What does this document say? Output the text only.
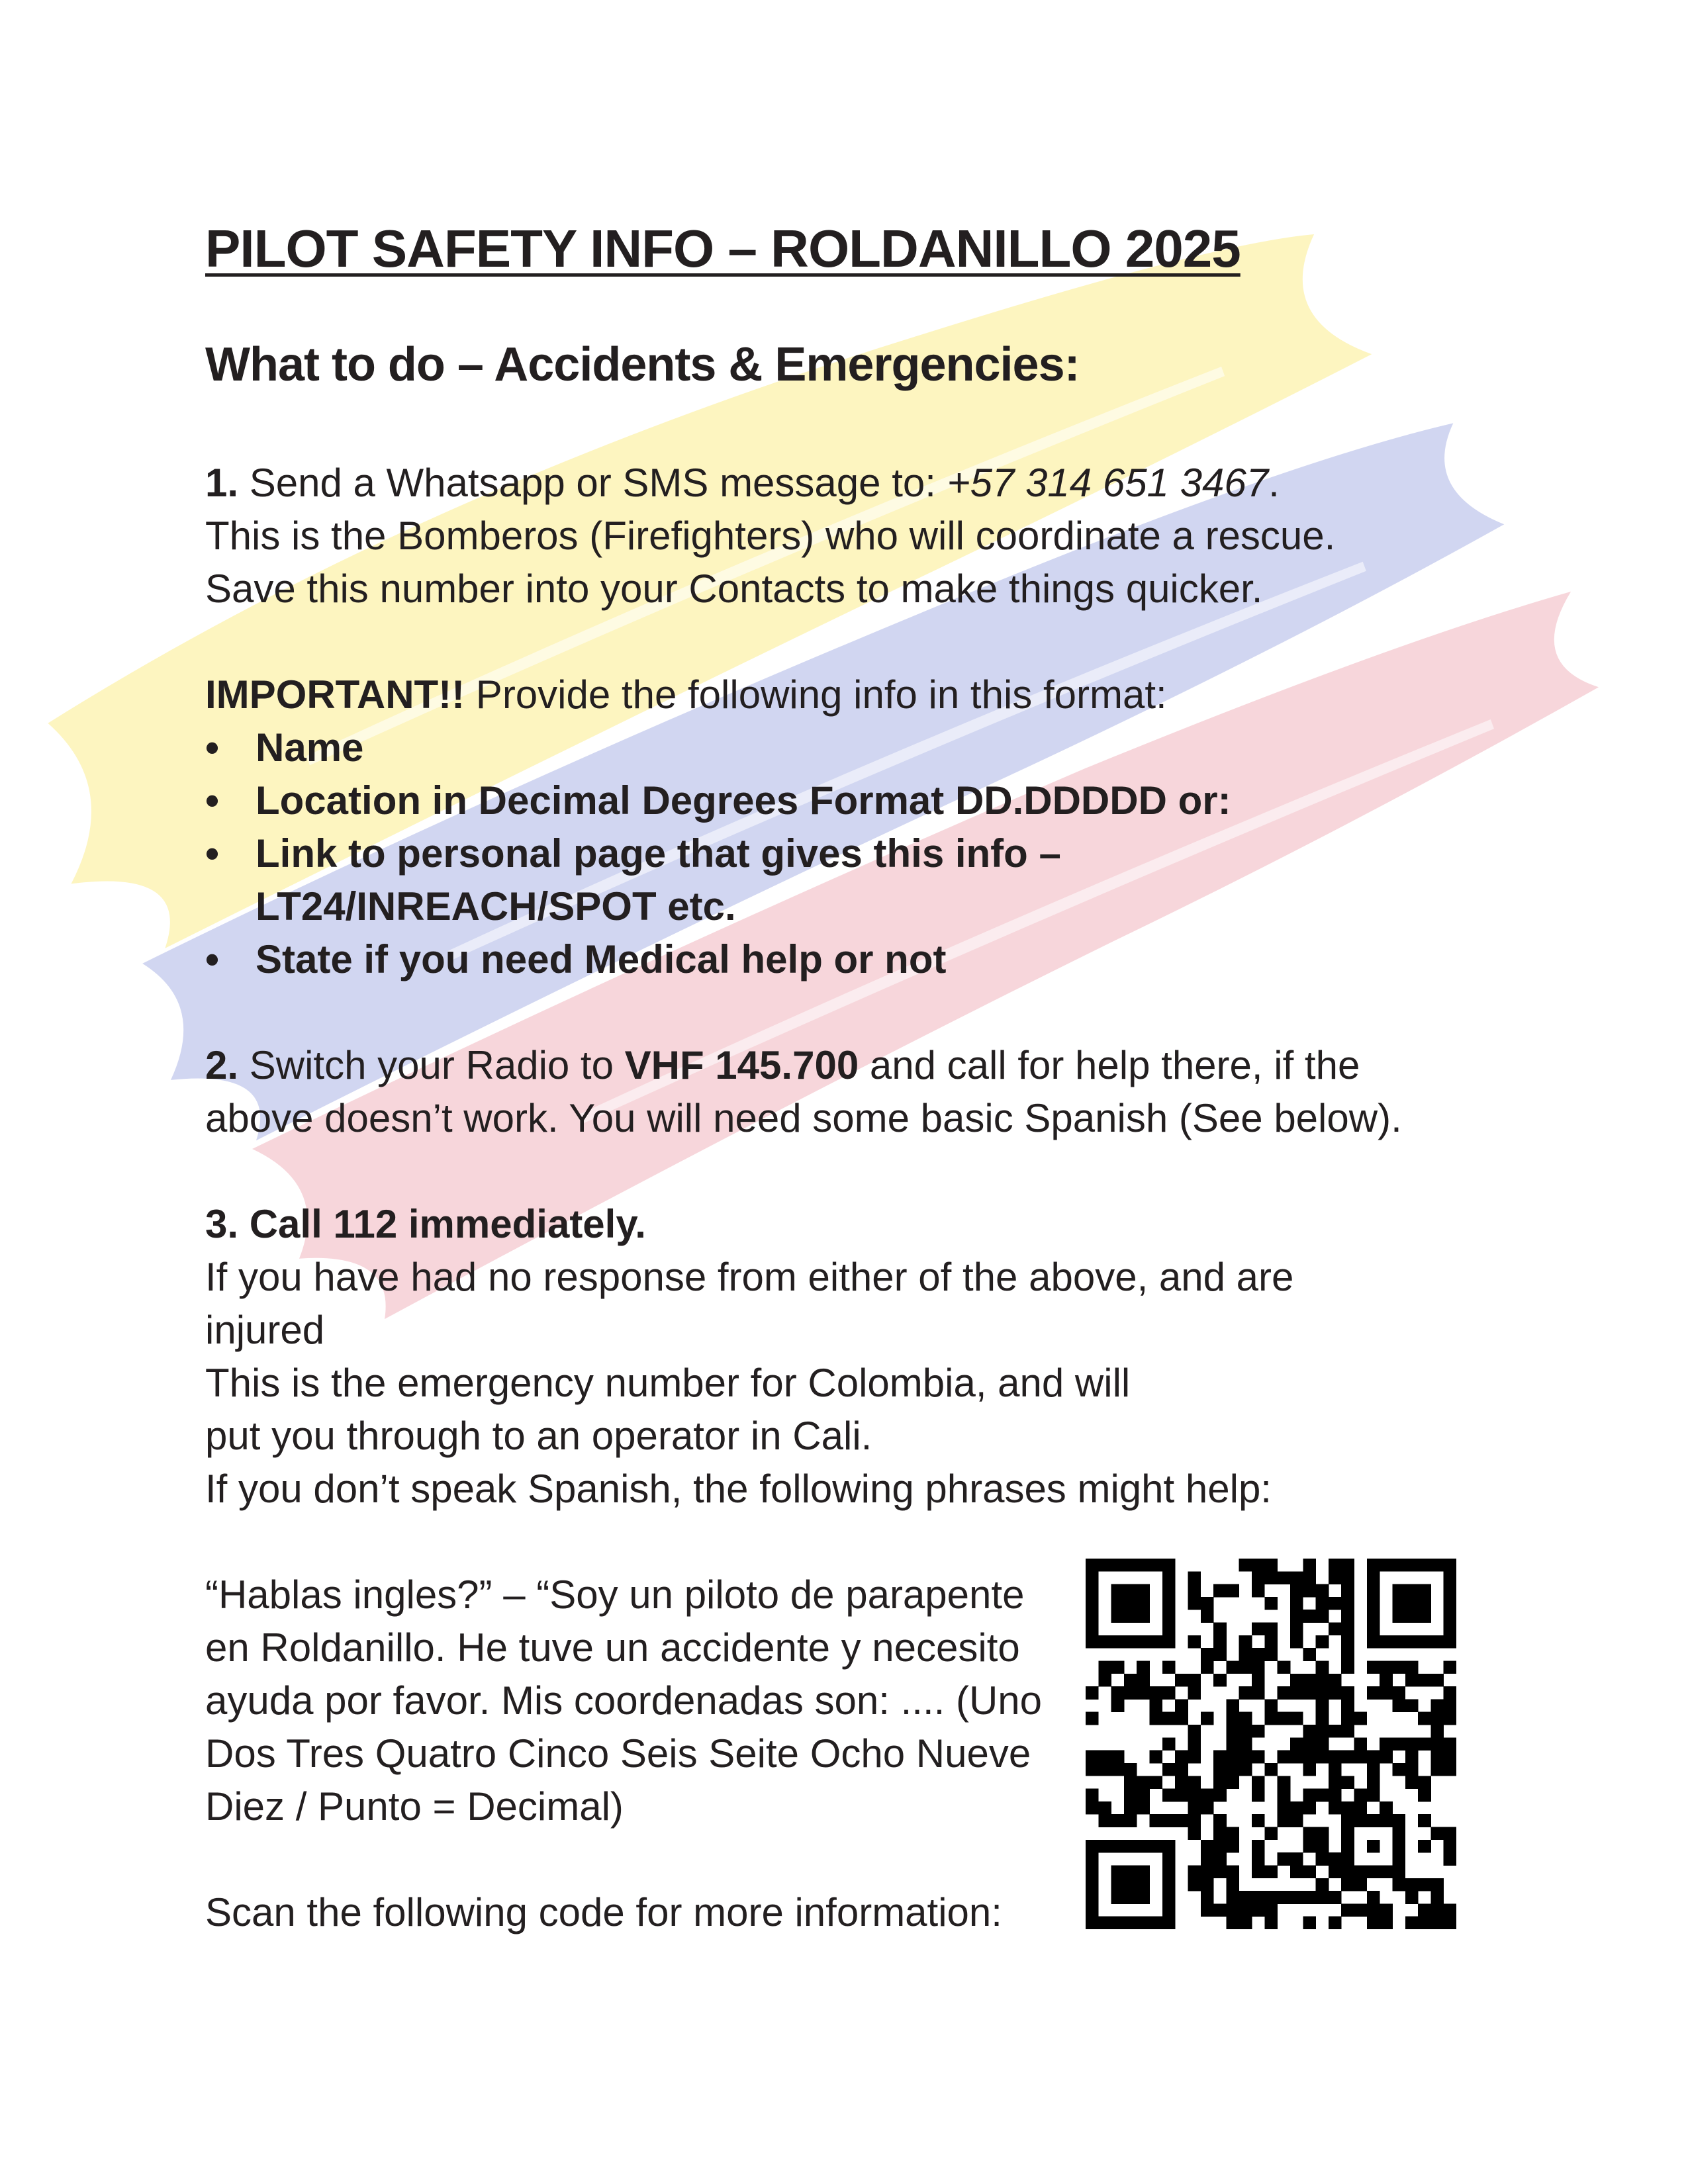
PILOT SAFETY INFO – ROLDANILLO 2025
What to do – Accidents & Emergencies:

1. Send a Whatsapp or SMS message to: +57 314 651 3467.

This is the Bomberos (Firefighters) who will coordinate a rescue.

Save this number into your Contacts to make things quicker.

IMPORTANT!! Provide the following info in this format:

• Name

• Location in Decimal Degrees Format DD.DDDDD or:

• Link to personal page that gives this info –

LT24/INREACH/SPOT etc.

• State if you need Medical help or not

2. Switch your Radio to VHF 145.700 and call for help there, if the

above doesn’t work. You will need some basic Spanish (See below).

3. Call 112 immediately.

If you have had no response from either of the above, and are

injured

This is the emergency number for Colombia, and will

put you through to an operator in Cali.

If you don’t speak Spanish, the following phrases might help:

“Hablas ingles?” – “Soy un piloto de parapente

en Roldanillo. He tuve un accidente y necesito

ayuda por favor. Mis coordenadas son: .... (Uno

Dos Tres Quatro Cinco Seis Seite Ocho Nueve

Diez / Punto = Decimal)

Scan the following code for more information:
